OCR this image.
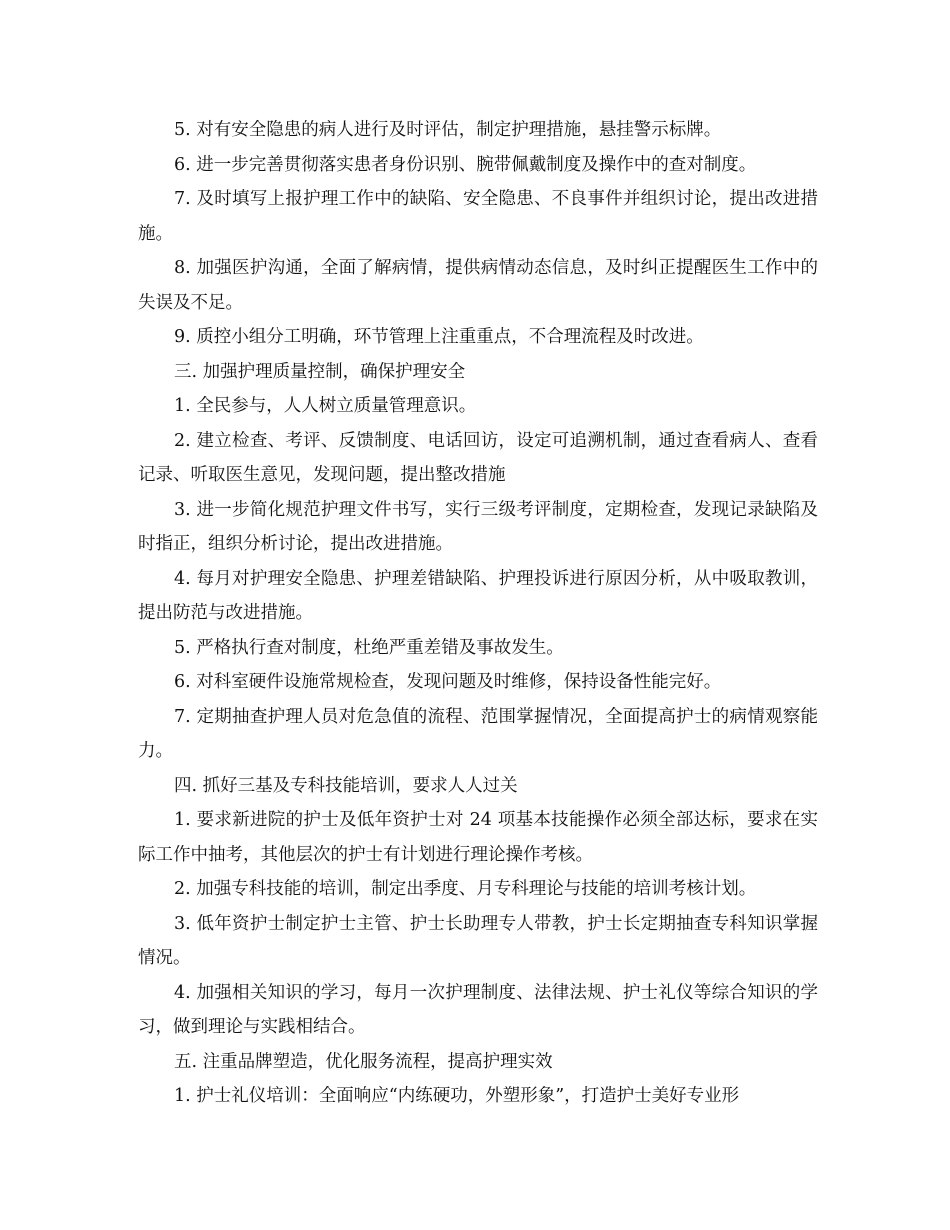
5. 对有安全隐患的病人进行及时评估，制定护理措施，悬挂警示标牌。

6. 进一步完善贯彻落实患者身份识别、腕带佩戴制度及操作中的查对制度。

7. 及时填写上报护理工作中的缺陷、安全隐患、不良事件并组织讨论，提出改进措施。

8. 加强医护沟通，全面了解病情，提供病情动态信息，及时纠正提醒医生工作中的失误及不足。

9. 质控小组分工明确，环节管理上注重重点，不合理流程及时改进。

三. 加强护理质量控制，确保护理安全

1. 全民参与，人人树立质量管理意识。

2. 建立检查、考评、反馈制度、电话回访，设定可追溯机制，通过查看病人、查看记录、听取医生意见，发现问题，提出整改措施

3. 进一步简化规范护理文件书写，实行三级考评制度，定期检查，发现记录缺陷及时指正，组织分析讨论，提出改进措施。

4. 每月对护理安全隐患、护理差错缺陷、护理投诉进行原因分析，从中吸取教训，提出防范与改进措施。

5. 严格执行查对制度，杜绝严重差错及事故发生。

6. 对科室硬件设施常规检查，发现问题及时维修，保持设备性能完好。

7. 定期抽查护理人员对危急值的流程、范围掌握情况，全面提高护士的病情观察能力。

四. 抓好三基及专科技能培训，要求人人过关

1. 要求新进院的护士及低年资护士对 24 项基本技能操作必须全部达标，要求在实际工作中抽考，其他层次的护士有计划进行理论操作考核。

2. 加强专科技能的培训，制定出季度、月专科理论与技能的培训考核计划。

3. 低年资护士制定护士主管、护士长助理专人带教，护士长定期抽查专科知识掌握情况。

4. 加强相关知识的学习，每月一次护理制度、法律法规、护士礼仪等综合知识的学习，做到理论与实践相结合。

五. 注重品牌塑造，优化服务流程，提高护理实效

1. 护士礼仪培训：全面响应“内练硬功，外塑形象”，打造护士美好专业形
